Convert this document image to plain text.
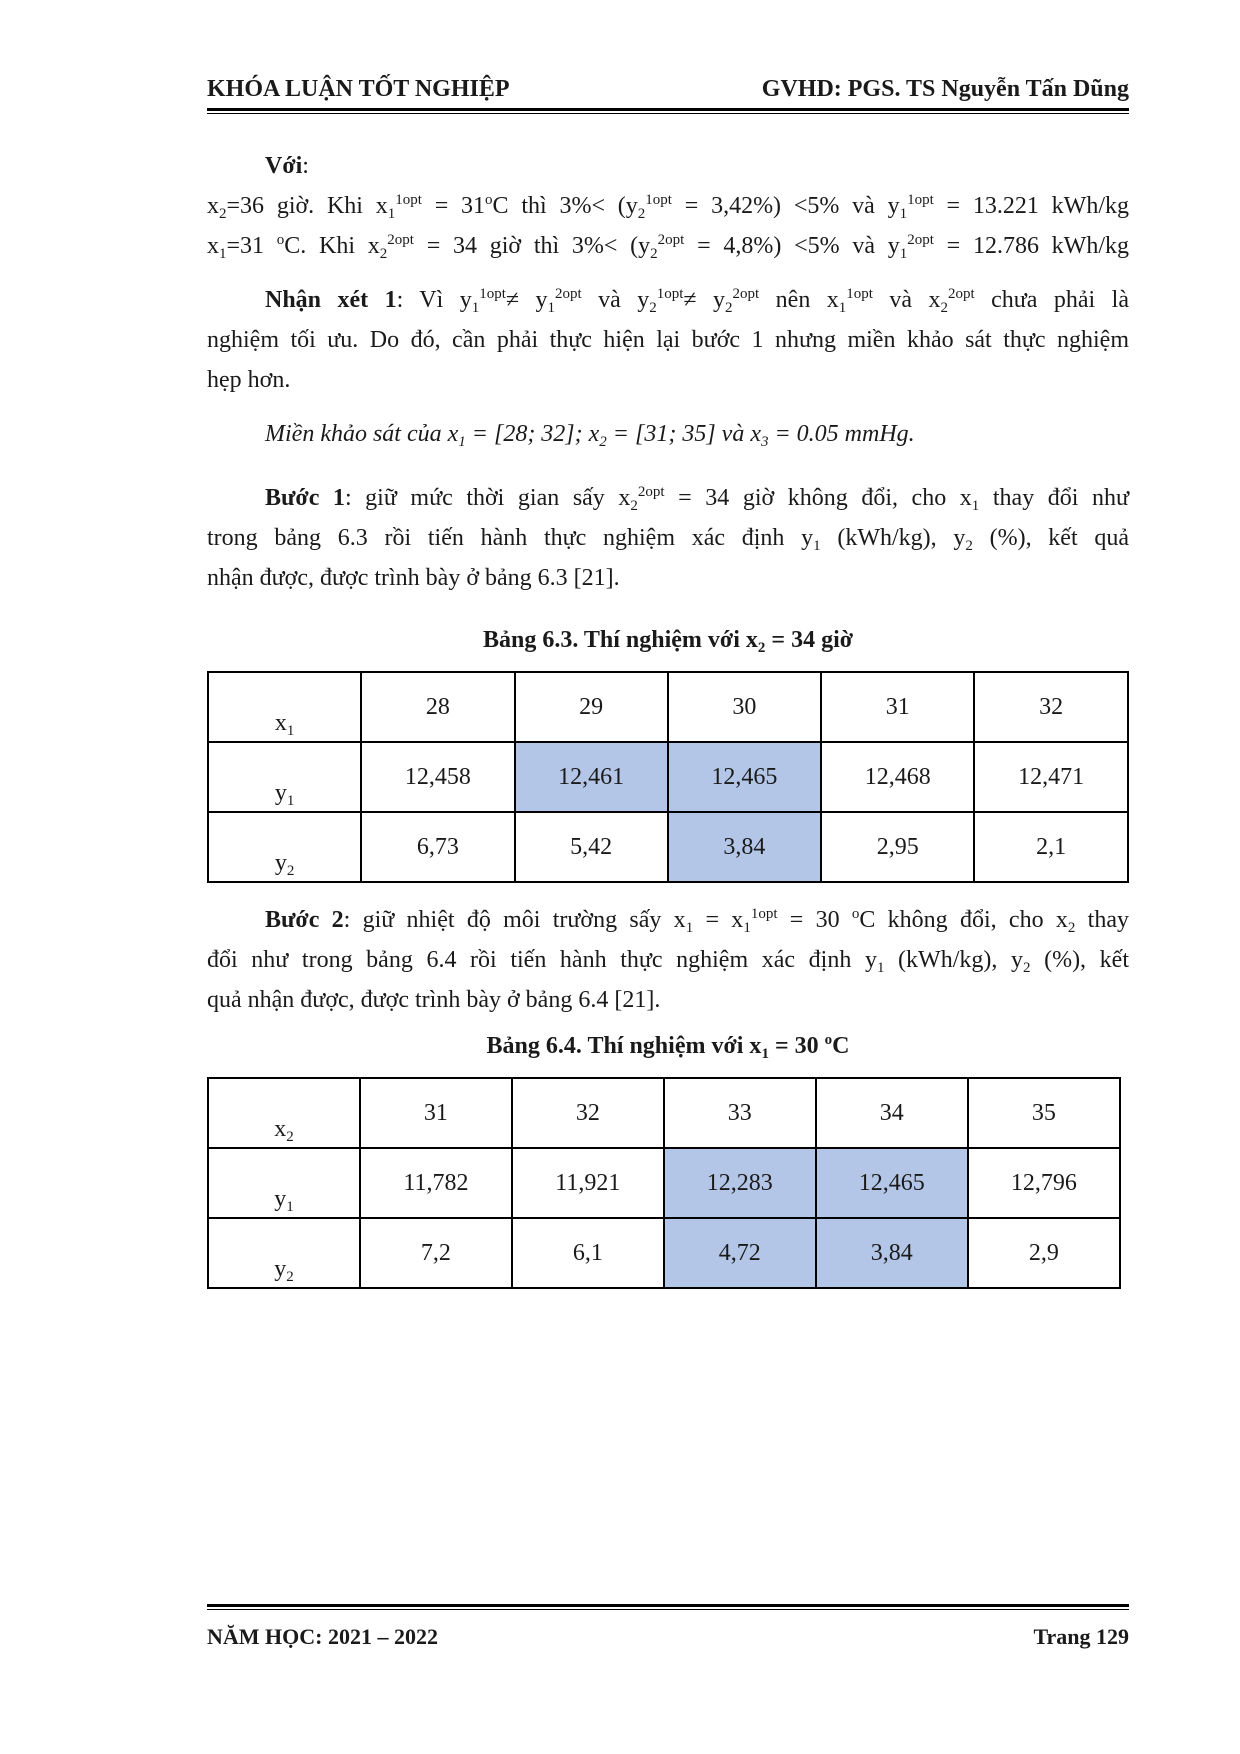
KHÓA LUẬN TỐT NGHIỆP	GVHD: PGS. TS Nguyễn Tấn Dũng
Với:
$x_2=36$ giờ. Khi $x_1^{1opt} = 31^oC$ thì $3\%< (y_2^{1opt} = 3,42\%) <5\%$ và $y_1^{1opt} = 13.221$ kWh/kg
$x_1=31$ $^o$C. Khi $x_2^{2opt} = 34$ giờ thì $3\%< (y_2^{2opt} = 4,8\%) <5\%$ và $y_1^{2opt} = 12.786$ kWh/kg
Nhận xét 1: Vì $y_1^{1opt}\ne y_1^{2opt}$ và $y_2^{1opt}\ne y_2^{2opt}$ nên $x_1^{1opt}$ và $x_2^{2opt}$ chưa phải là
nghiệm tối ưu. Do đó, cần phải thực hiện lại bước 1 nhưng miền khảo sát thực nghiệm
hẹp hơn.
Miền khảo sát của $x_1 = [28$; 32]; $x_2 = [31$; 35] và $x_3 = 0.05$ mmHg.
Bước 1: giữ mức thời gian sấy $x_2^{2opt} = 34$ giờ không đổi, cho $x_1$ thay đổi như
trong bảng 6.3 rồi tiến hành thực nghiệm xác định $y_1$ (kWh/kg), $y_2$ (%), kết quả
nhận được, được trình bày ở bảng 6.3 [21].
Bảng 6.3. Thí nghiệm với $x_2 = 34$ giờ
$x_1$	28	29	30	31	32
$y_1$	12,458	12,461	12,465	12,468	12,471
$y_2$	6,73	5,42	3,84	2,95	2,1
Bước 2: giữ nhiệt độ môi trường sấy $x_1 = x_1^{1opt} = 30$ $^o$C không đổi, cho $x_2$ thay
đổi như trong bảng 6.4 rồi tiến hành thực nghiệm xác định $y_1$ (kWh/kg), $y_2$ (%), kết
quả nhận được, được trình bày ở bảng 6.4 [21].
Bảng 6.4. Thí nghiệm với $x_1 = 30$ $^o$C
$x_2$	31	32	33	34	35
$y_1$	11,782	11,921	12,283	12,465	12,796
$y_2$	7,2	6,1	4,72	3,84	2,9
NĂM HỌC: 2021 – 2022	Trang 129
